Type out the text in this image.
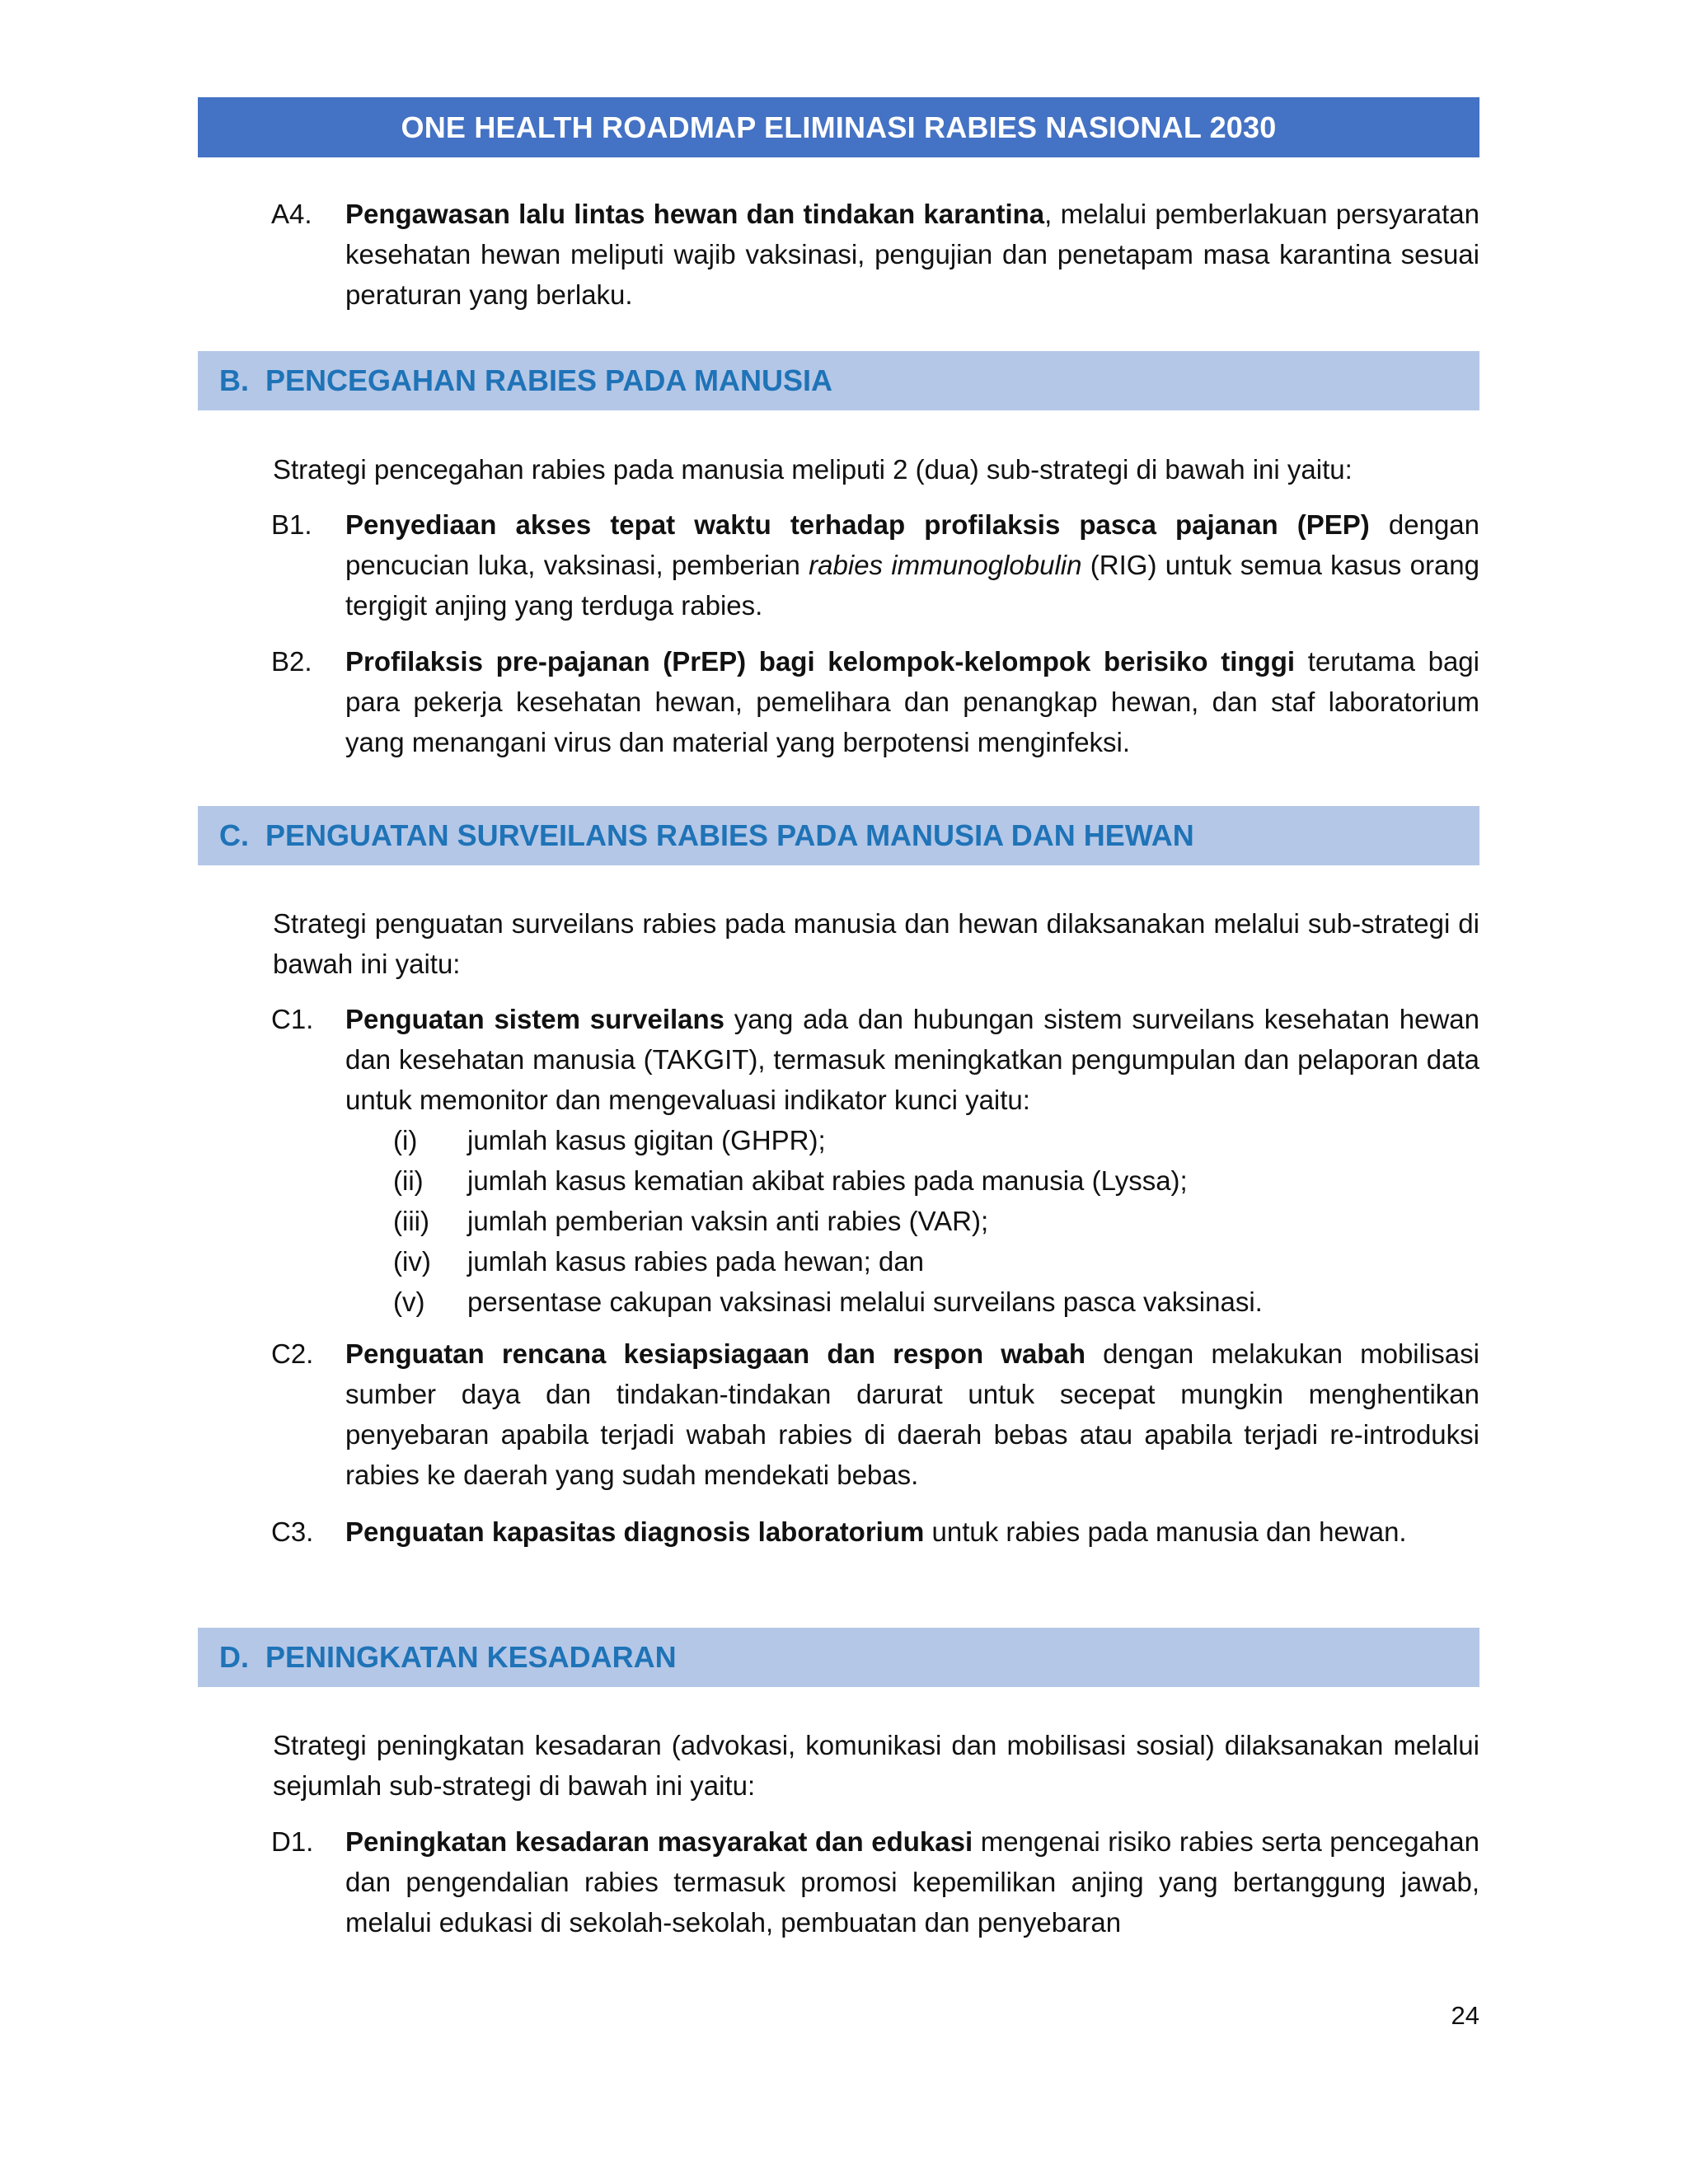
ONE HEALTH ROADMAP ELIMINASI RABIES NASIONAL 2030
A4.	Pengawasan lalu lintas hewan dan tindakan karantina, melalui pemberlakuan persyaratan kesehatan hewan meliputi wajib vaksinasi, pengujian dan penetapam masa karantina sesuai peraturan yang berlaku.
B. PENCEGAHAN RABIES PADA MANUSIA

Strategi pencegahan rabies pada manusia meliputi 2 (dua) sub-strategi di bawah ini yaitu:

B1.	Penyediaan akses tepat waktu terhadap profilaksis pasca pajanan (PEP) dengan pencucian luka, vaksinasi, pemberian rabies immunoglobulin (RIG) untuk semua kasus orang tergigit anjing yang terduga rabies.
B2.	Profilaksis pre-pajanan (PrEP) bagi kelompok-kelompok berisiko tinggi terutama bagi para pekerja kesehatan hewan, pemelihara dan penangkap hewan, dan staf laboratorium yang menangani virus dan material yang berpotensi menginfeksi.
C. PENGUATAN SURVEILANS RABIES PADA MANUSIA DAN HEWAN

Strategi penguatan surveilans rabies pada manusia dan hewan dilaksanakan melalui sub-strategi di bawah ini yaitu:

C1.	Penguatan sistem surveilans yang ada dan hubungan sistem surveilans kesehatan hewan dan kesehatan manusia (TAKGIT), termasuk meningkatkan pengumpulan dan pelaporan data untuk memonitor dan mengevaluasi indikator kunci yaitu:
(i) jumlah kasus gigitan (GHPR);
(ii) jumlah kasus kematian akibat rabies pada manusia (Lyssa);
(iii) jumlah pemberian vaksin anti rabies (VAR);
(iv) jumlah kasus rabies pada hewan; dan
(v) persentase cakupan vaksinasi melalui surveilans pasca vaksinasi.
C2.	Penguatan rencana kesiapsiagaan dan respon wabah dengan melakukan mobilisasi sumber daya dan tindakan-tindakan darurat untuk secepat mungkin menghentikan penyebaran apabila terjadi wabah rabies di daerah bebas atau apabila terjadi re-introduksi rabies ke daerah yang sudah mendekati bebas.
C3.	Penguatan kapasitas diagnosis laboratorium untuk rabies pada manusia dan hewan.
D. PENINGKATAN KESADARAN

Strategi peningkatan kesadaran (advokasi, komunikasi dan mobilisasi sosial) dilaksanakan melalui sejumlah sub-strategi di bawah ini yaitu:

D1.	Peningkatan kesadaran masyarakat dan edukasi mengenai risiko rabies serta pencegahan dan pengendalian rabies termasuk promosi kepemilikan anjing yang bertanggung jawab, melalui edukasi di sekolah-sekolah, pembuatan dan penyebaran
24
